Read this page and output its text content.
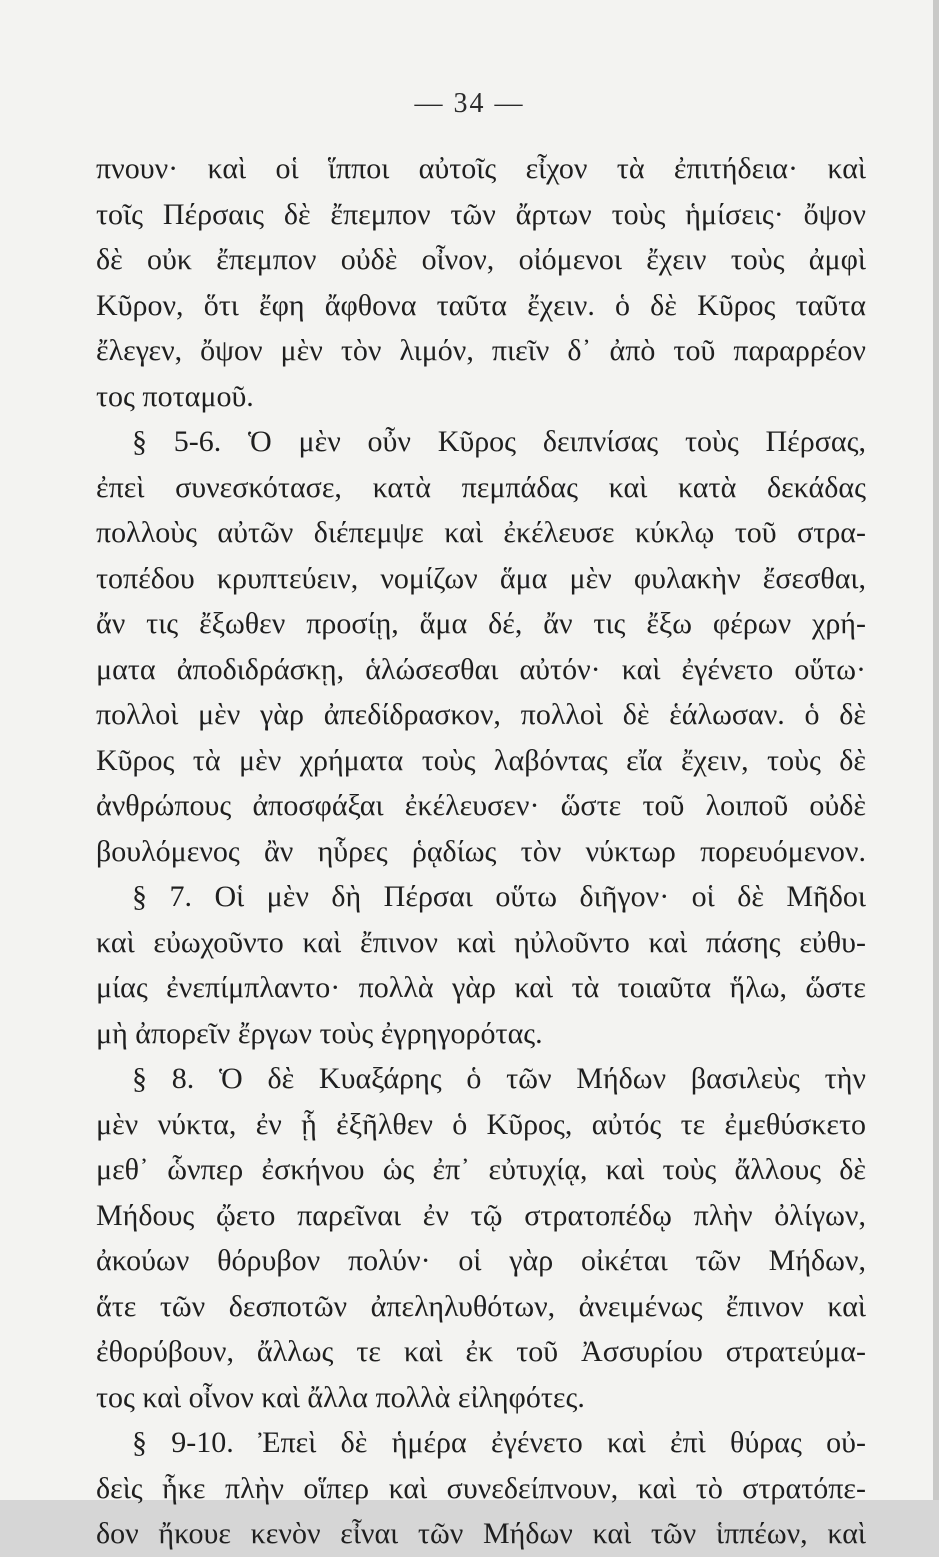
— 34 —
πνουν· καὶ οἱ ἵπποι αὐτοῖς εἶχον τὰ ἐπιτήδεια· καὶ
τοῖς Πέρσαις δὲ ἔπεμπον τῶν ἄρτων τοὺς ἡμίσεις· ὄψον
δὲ οὐκ ἔπεμπον οὐδὲ οἶνον, οἰόμενοι ἔχειν τοὺς ἀμφὶ
Κῦρον, ὅτι ἔφη ἄφθονα ταῦτα ἔχειν. ὁ δὲ Κῦρος ταῦτα
ἔλεγεν, ὄψον μὲν τὸν λιμόν, πιεῖν δ᾽ ἀπὸ τοῦ παραρρέον
τος ποταμοῦ.
§ 5-6. Ὁ μὲν οὖν Κῦρος δειπνίσας τοὺς Πέρσας,
ἐπεὶ συνεσκότασε, κατὰ πεμπάδας καὶ κατὰ δεκάδας
πολλοὺς αὐτῶν διέπεμψε καὶ ἐκέλευσε κύκλῳ τοῦ στρα-
τοπέδου κρυπτεύειν, νομίζων ἅμα μὲν φυλακὴν ἔσεσθαι,
ἄν τις ἔξωθεν προσίῃ, ἅμα δέ, ἄν τις ἔξω φέρων χρή-
ματα ἀποδιδράσκῃ, ἁλώσεσθαι αὐτόν· καὶ ἐγένετο οὕτω·
πολλοὶ μὲν γὰρ ἀπεδίδρασκον, πολλοὶ δὲ ἑάλωσαν. ὁ δὲ
Κῦρος τὰ μὲν χρήματα τοὺς λαβόντας εἴα ἔχειν, τοὺς δὲ
ἀνθρώπους ἀποσφάξαι ἐκέλευσεν· ὥστε τοῦ λοιποῦ οὐδὲ
βουλόμενος ἂν ηὗρες ῥᾳδίως τὸν νύκτωρ πορευόμενον.
§ 7. Οἱ μὲν δὴ Πέρσαι οὕτω διῆγον· οἱ δὲ Μῆδοι
καὶ εὐωχοῦντο καὶ ἔπινον καὶ ηὐλοῦντο καὶ πάσης εὐθυ-
μίας ἐνεπίμπλαντο· πολλὰ γὰρ καὶ τὰ τοιαῦτα ἥλω, ὥστε
μὴ ἀπορεῖν ἔργων τοὺς ἐγρηγορότας.
§ 8. Ὁ δὲ Κυαξάρης ὁ τῶν Μήδων βασιλεὺς τὴν
μὲν νύκτα, ἐν ᾗ ἐξῆλθεν ὁ Κῦρος, αὐτός τε ἐμεθύσκετο
μεθ᾽ ὧνπερ ἐσκήνου ὡς ἐπ᾽ εὐτυχίᾳ, καὶ τοὺς ἄλλους δὲ
Μήδους ᾤετο παρεῖναι ἐν τῷ στρατοπέδῳ πλὴν ὀλίγων,
ἀκούων θόρυβον πολύν· οἱ γὰρ οἰκέται τῶν Μήδων,
ἅτε τῶν δεσποτῶν ἀπεληλυθότων, ἀνειμένως ἔπινον καὶ
ἐθορύβουν, ἄλλως τε καὶ ἐκ τοῦ Ἀσσυρίου στρατεύμα-
τος καὶ οἶνον καὶ ἄλλα πολλὰ εἰληφότες.
§ 9-10. Ἐπεὶ δὲ ἡμέρα ἐγένετο καὶ ἐπὶ θύρας οὐ-
δεὶς ἧκε πλὴν οἵπερ καὶ συνεδείπνουν, καὶ τὸ στρατόπε-
δον ἤκουε κενὸν εἶναι τῶν Μήδων καὶ τῶν ἱππέων, καὶ
